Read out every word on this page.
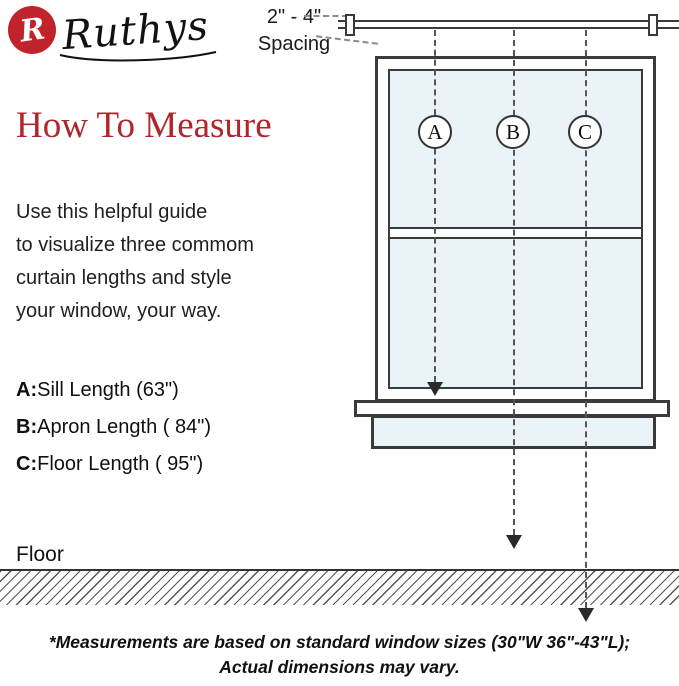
R Ruthys
How To Measure
Use this helpful guide
to visualize three commom
curtain lengths and style
your window, your way.
A:Sill Length (63")
B:Apron Length ( 84")
C:Floor Length ( 95")
2" - 4"
Spacing
A	B	C
Floor
*Measurements are based on standard window sizes (30"W 36"-43"L);
Actual dimensions may vary.
